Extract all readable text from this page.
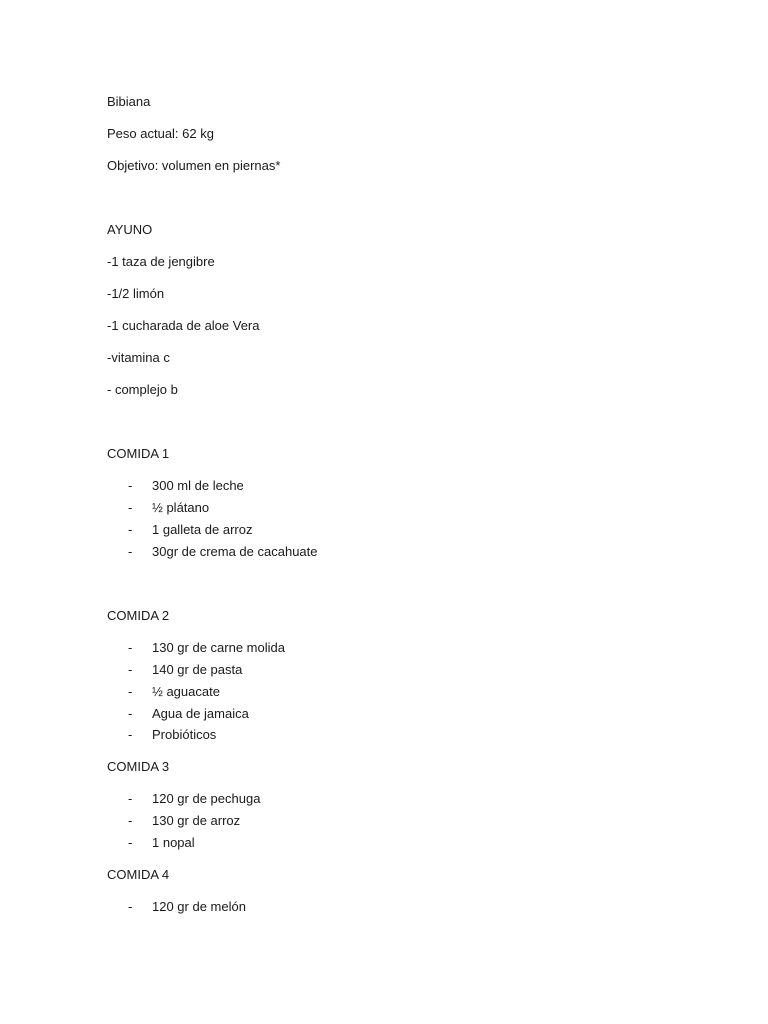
Bibiana
Peso actual: 62 kg
Objetivo: volumen en piernas*
AYUNO
-1 taza de jengibre
-1/2 limón
-1 cucharada de aloe Vera
-vitamina c
- complejo b
COMIDA 1
- 300 ml de leche
- ½ plátano
- 1 galleta de arroz
- 30gr de crema de cacahuate
COMIDA 2
- 130 gr de carne molida
- 140 gr de pasta
- ½ aguacate
- Agua de jamaica
- Probióticos
COMIDA 3
- 120 gr de pechuga
- 130 gr de arroz
- 1 nopal
COMIDA 4
- 120 gr de melón
